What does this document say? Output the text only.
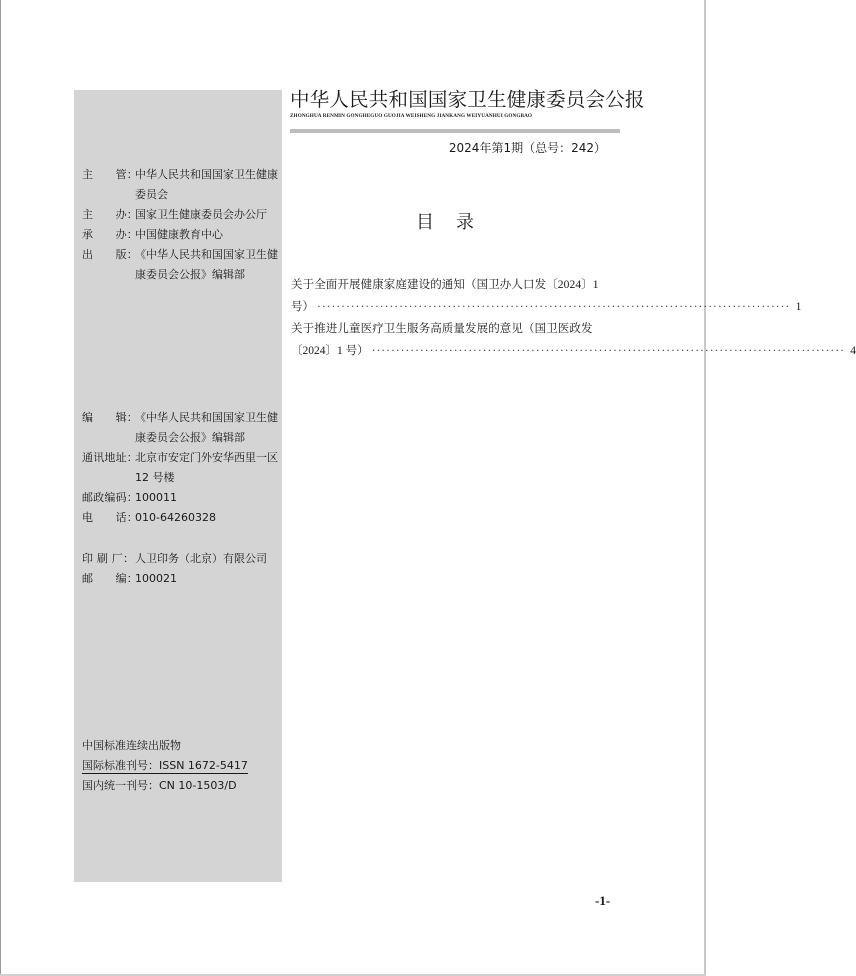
主　　管：
中华人民共和国国家卫生健康委员会
主　　办：
国家卫生健康委员会办公厅
承　　办：
中国健康教育中心
出　　版：
《中华人民共和国国家卫生健康委员会公报》编辑部
编　　辑：
《中华人民共和国国家卫生健康委员会公报》编辑部
通讯地址：
北京市安定门外安华西里一区 12 号楼
邮政编码：
100011
电　　话：
010-64260328
印 刷 厂： 人卫印务（北京）有限公司
邮　　编：
100021
中国标准连续出版物
国际标准刊号：ISSN 1672-5417
国内统一刊号：CN 10-1503/D
中华人民共和国国家卫生健康委员会公报
ZHONGHUA RENMIN GONGHEGUO GUOJIA WEISHENG JIANKANG WEIYUANHUI GONGBAO
2024年第1期（总号：242）
目录
关于全面开展健康家庭建设的通知（国卫办人口发〔2024〕1
号） ·································································································· 1
关于推进儿童医疗卫生服务高质量发展的意见（国卫医政发
〔2024〕1 号） ·································································································· 4
-1-
